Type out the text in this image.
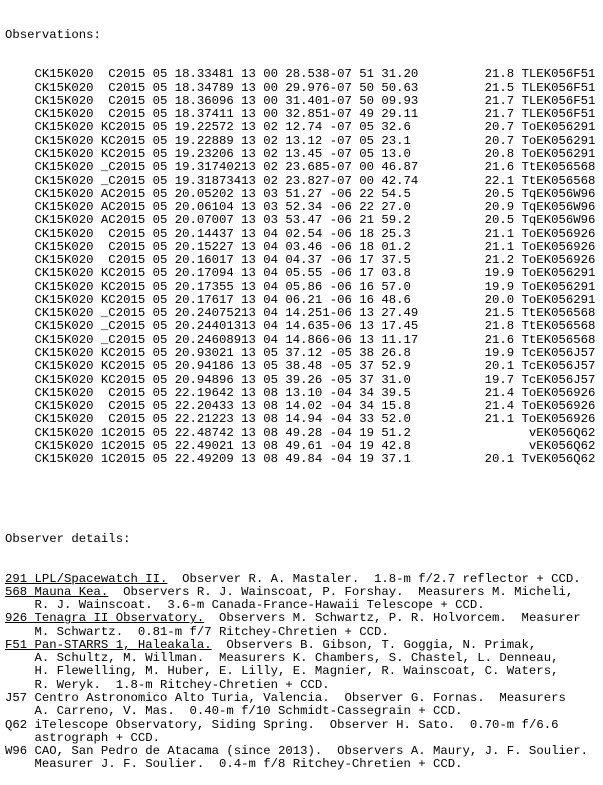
Observations:

CK15K020  C2015 05 18.33481 13 00 28.538-07 51 31.20         21.8 TLEK056F51
CK15K020  C2015 05 18.34789 13 00 29.976-07 50 50.63         21.5 TLEK056F51
CK15K020  C2015 05 18.36096 13 00 31.401-07 50 09.93         21.7 TLEK056F51
CK15K020  C2015 05 18.37411 13 00 32.851-07 49 29.11         21.7 TLEK056F51
CK15K020 KC2015 05 19.22572 13 02 12.74 -07 05 32.6          20.7 ToEK056291
CK15K020 KC2015 05 19.22889 13 02 13.12 -07 05 23.1          20.7 ToEK056291
CK15K020 KC2015 05 19.23206 13 02 13.45 -07 05 13.0          20.8 ToEK056291
CK15K020 _C2015 05 19.31740213 02 23.685-07 00 46.87         21.6 TtEK056568
CK15K020 _C2015 05 19.31873413 02 23.827-07 00 42.74         22.1 TtEK056568
CK15K020 AC2015 05 20.05202 13 03 51.27 -06 22 54.5          20.5 TqEK056W96
CK15K020 AC2015 05 20.06104 13 03 52.34 -06 22 27.0          20.9 TqEK056W96
CK15K020 AC2015 05 20.07007 13 03 53.47 -06 21 59.2          20.5 TqEK056W96
CK15K020  C2015 05 20.14437 13 04 02.54 -06 18 25.3          21.1 ToEK056926
CK15K020  C2015 05 20.15227 13 04 03.46 -06 18 01.2          21.1 ToEK056926
CK15K020  C2015 05 20.16017 13 04 04.37 -06 17 37.5          21.2 ToEK056926
CK15K020 KC2015 05 20.17094 13 04 05.55 -06 17 03.8          19.9 ToEK056291
CK15K020 KC2015 05 20.17355 13 04 05.86 -06 16 57.0          19.9 ToEK056291
CK15K020 KC2015 05 20.17617 13 04 06.21 -06 16 48.6          20.0 ToEK056291
CK15K020 _C2015 05 20.24075213 04 14.251-06 13 27.49         21.5 TtEK056568
CK15K020 _C2015 05 20.24401313 04 14.635-06 13 17.45         21.8 TtEK056568
CK15K020 _C2015 05 20.24608913 04 14.866-06 13 11.17         21.6 TtEK056568
CK15K020 KC2015 05 20.93021 13 05 37.12 -05 38 26.8          19.9 TcEK056J57
CK15K020 KC2015 05 20.94186 13 05 38.48 -05 37 52.9          20.1 TcEK056J57
CK15K020 KC2015 05 20.94896 13 05 39.26 -05 37 31.0          19.7 TcEK056J57
CK15K020  C2015 05 22.19642 13 08 13.10 -04 34 39.5          21.4 ToEK056926
CK15K020  C2015 05 22.20433 13 08 14.02 -04 34 15.8          21.4 ToEK056926
CK15K020  C2015 05 22.21223 13 08 14.94 -04 33 52.0          21.1 ToEK056926
CK15K020 1C2015 05 22.48742 13 08 49.28 -04 19 51.2                vEK056Q62
CK15K020 1C2015 05 22.49021 13 08 49.61 -04 19 42.8                vEK056Q62
CK15K020 1C2015 05 22.49209 13 08 49.84 -04 19 37.1          20.1 TvEK056Q62

Observer details:

291 LPL/Spacewatch II.  Observer R. A. Mastaler.  1.8-m f/2.7 reflector + CCD.
568 Mauna Kea.  Observers R. J. Wainscoat, P. Forshay.  Measurers M. Micheli,
R. J. Wainscoat.  3.6-m Canada-France-Hawaii Telescope + CCD.
926 Tenagra II Observatory.  Observers M. Schwartz, P. R. Holvorcem.  Measurer
M. Schwartz.  0.81-m f/7 Ritchey-Chretien + CCD.
F51 Pan-STARRS 1, Haleakala.  Observers B. Gibson, T. Goggia, N. Primak,
A. Schultz, M. Willman.  Measurers K. Chambers, S. Chastel, L. Denneau,
H. Flewelling, M. Huber, E. Lilly, E. Magnier, R. Wainscoat, C. Waters,
R. Weryk.  1.8-m Ritchey-Chretien + CCD.
J57 Centro Astronomico Alto Turia, Valencia.  Observer G. Fornas.  Measurers
A. Carreno, V. Mas.  0.40-m f/10 Schmidt-Cassegrain + CCD.
Q62 iTelescope Observatory, Siding Spring.  Observer H. Sato.  0.70-m f/6.6
astrograph + CCD.
W96 CAO, San Pedro de Atacama (since 2013).  Observers A. Maury, J. F. Soulier.
Measurer J. F. Soulier.  0.4-m f/8 Ritchey-Chretien + CCD.
